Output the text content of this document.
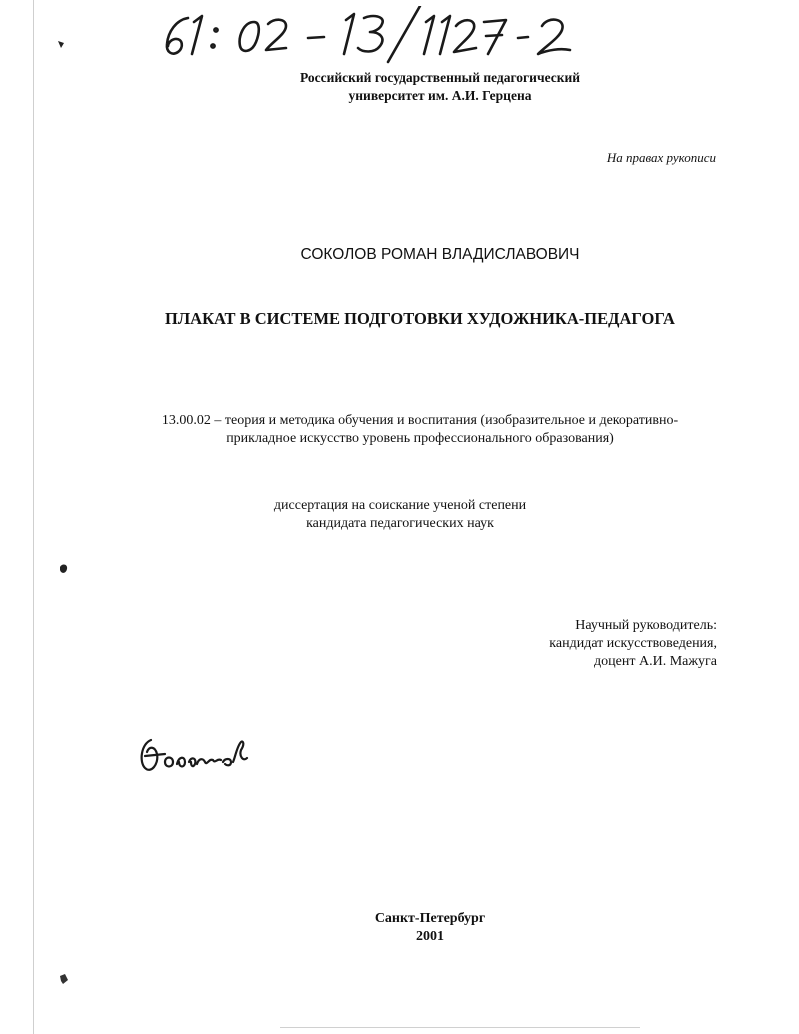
Российский государственный педагогический
университет им. А.И. Герцена
На правах рукописи
СОКОЛОВ РОМАН ВЛАДИСЛАВОВИЧ
ПЛАКАТ В СИСТЕМЕ ПОДГОТОВКИ ХУДОЖНИКА-ПЕДАГОГА
13.00.02 – теория и методика обучения и воспитания (изобразительное и декоративно-
прикладное искусство уровень профессионального образования)
диссертация на соискание ученой степени
кандидата педагогических наук
Научный руководитель:
кандидат искусствоведения,
доцент А.И. Мажуга
Санкт-Петербург
2001
